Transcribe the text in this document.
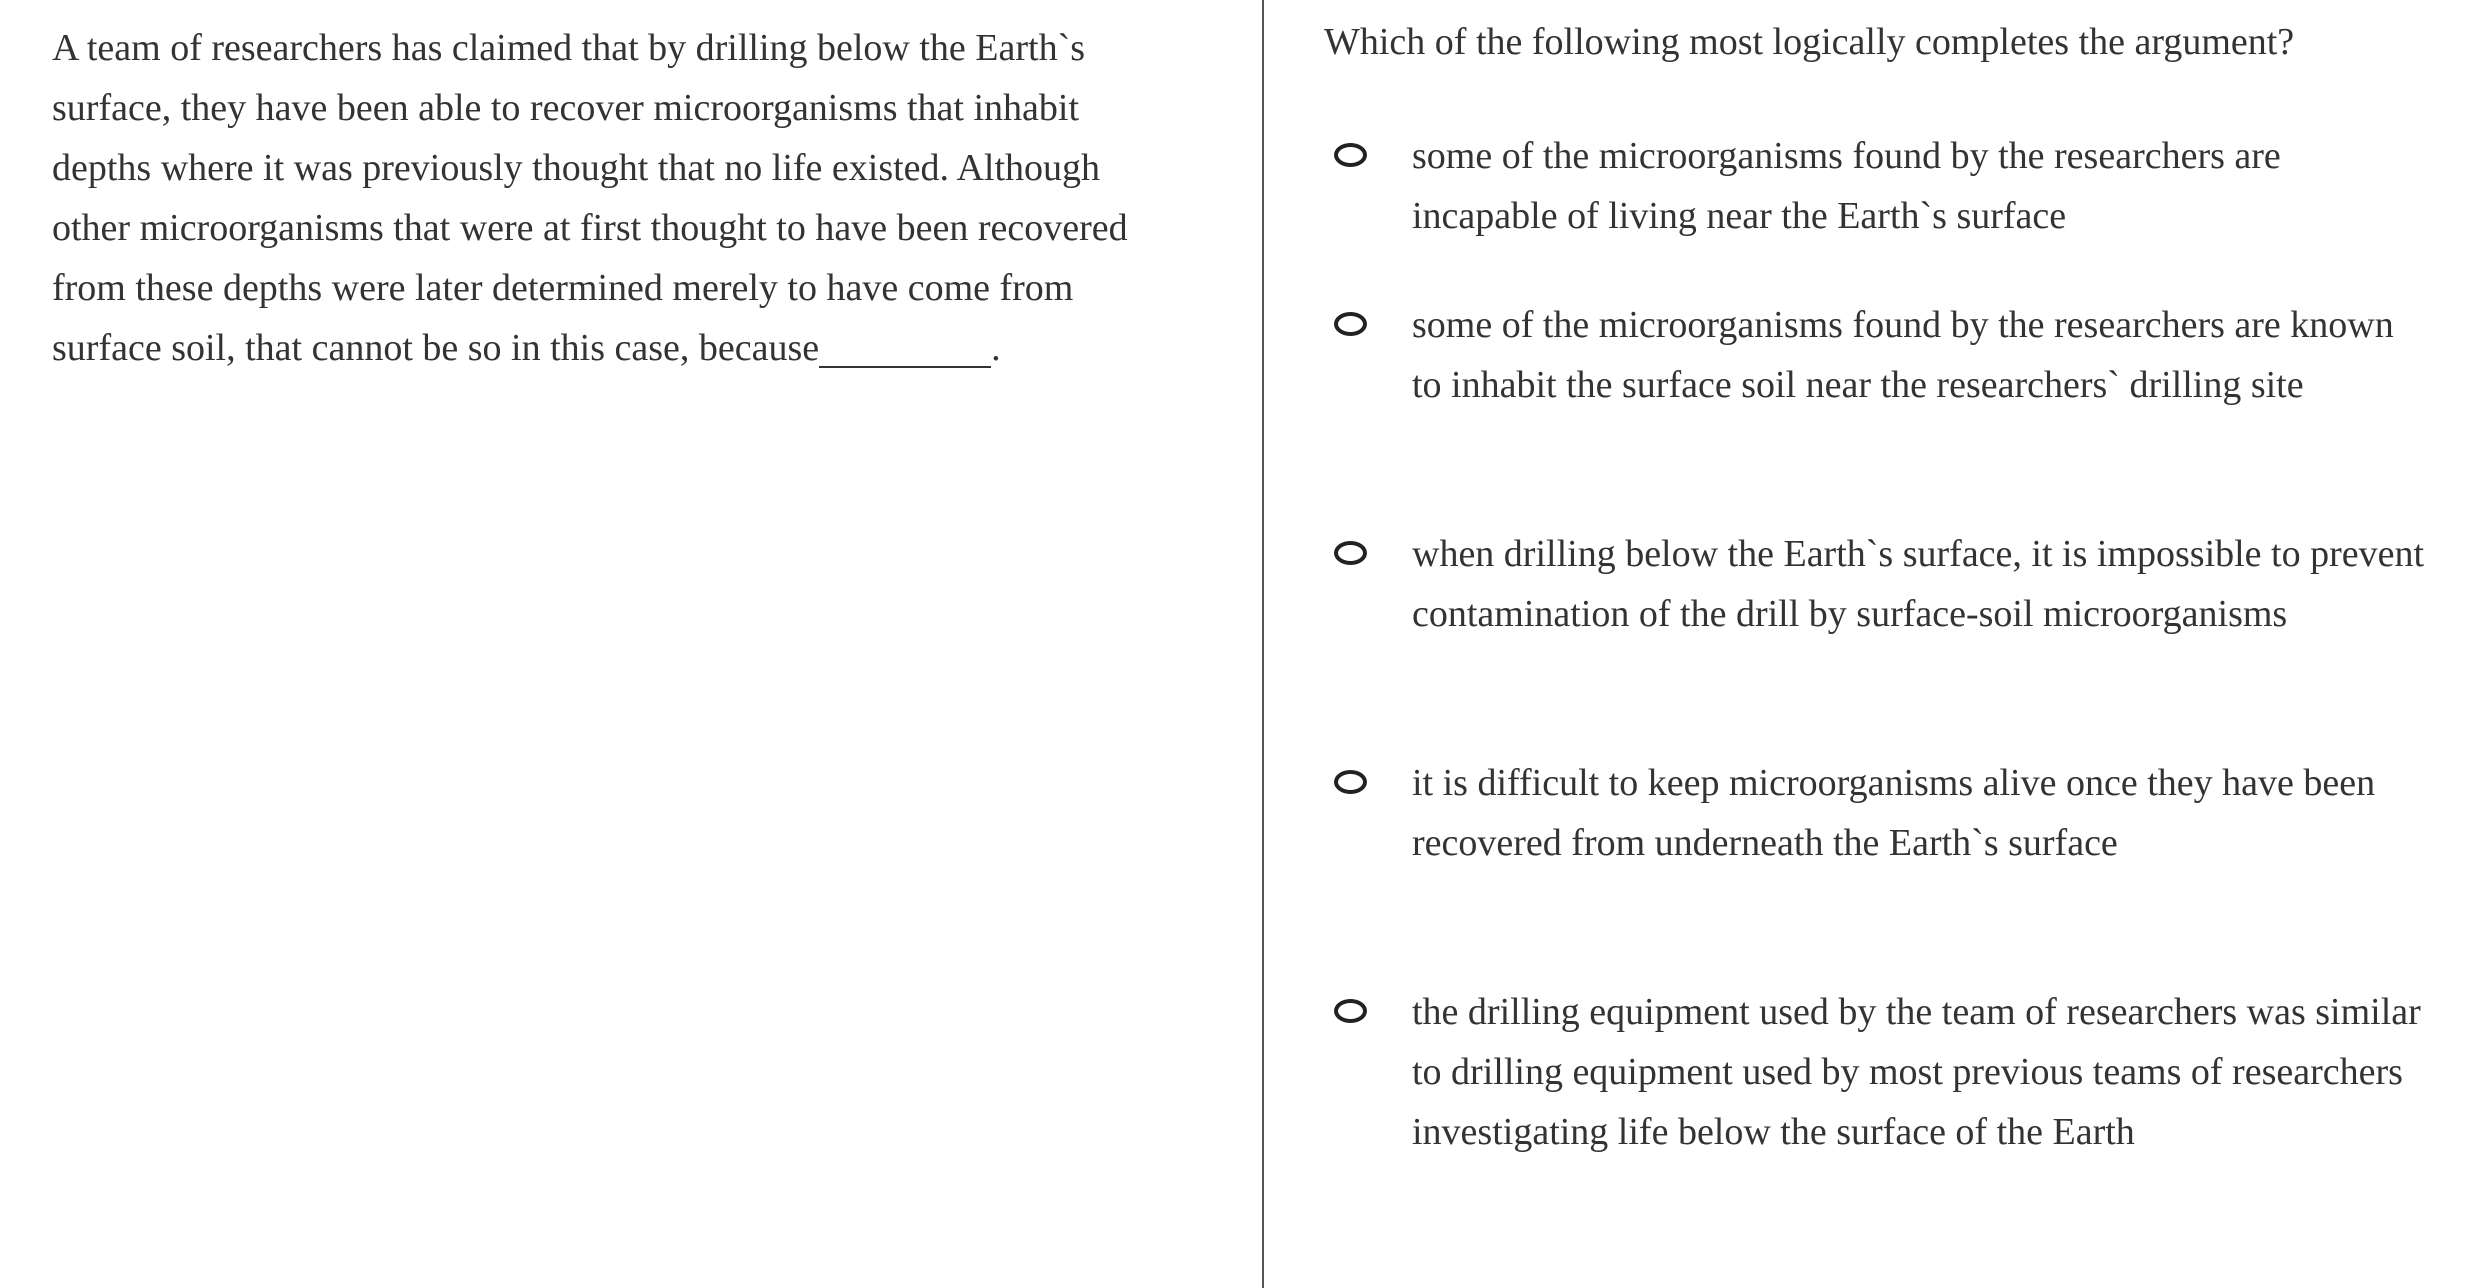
A team of researchers has claimed that by drilling below the Earth`s surface, they have been able to recover microorganisms that inhabit depths where it was previously thought that no life existed. Although other microorganisms that were at first thought to have been recovered from these depths were later determined merely to have come from surface soil, that cannot be so in this case, because	.

Which of the following most logically completes the argument?

some of the microorganisms found by the researchers are incapable of living near the Earth`s surface

some of the microorganisms found by the researchers are known to inhabit the surface soil near the researchers` drilling site

when drilling below the Earth`s surface, it is impossible to prevent contamination of the drill by surface-soil microorganisms

it is difficult to keep microorganisms alive once they have been recovered from underneath the Earth`s surface

the drilling equipment used by the team of researchers was similar to drilling equipment used by most previous teams of researchers investigating life below the surface of the Earth
